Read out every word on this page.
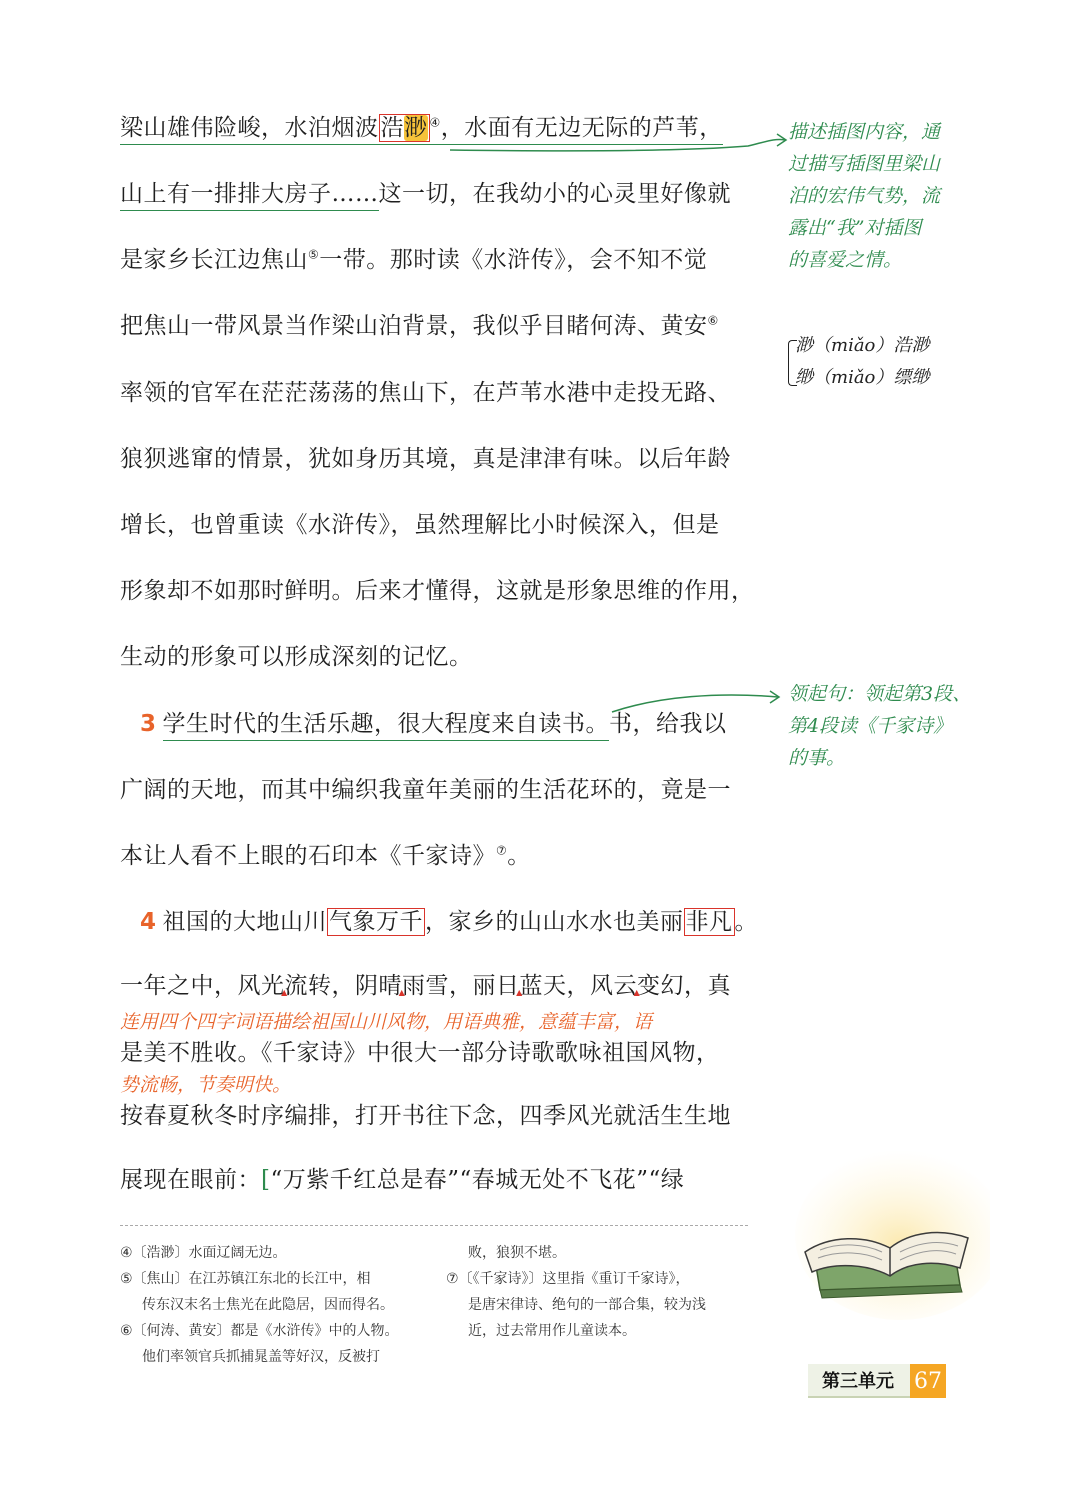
梁山雄伟险峻，水泊烟波浩渺 ④，水面有无边无际的芦苇，
山上有一排排大房子……这一切，在我幼小的心灵里好像就
是家乡长江边焦山⑤一带。那时读《水浒传》，会不知不觉
把焦山一带风景当作梁山泊背景，我似乎目睹何涛、黄安⑥
率领的官军在茫茫荡荡的焦山下，在芦苇水港中走投无路、
狼狈逃窜的情景，犹如身历其境，真是津津有味。以后年龄
增长，也曾重读《水浒传》，虽然理解比小时候深入，但是
形象却不如那时鲜明。后来才懂得，这就是形象思维的作用，
生动的形象可以形成深刻的记忆。
3 学生时代的生活乐趣，很大程度来自读书。书，给我以
广阔的天地，而其中编织我童年美丽的生活花环的，竟是一
本让人看不上眼的石印本《千家诗》⑦。
4 祖国的大地山川气象万千，家乡的山山水水也美丽非凡。
一年之中，风光流转 ▲，阴晴雨雪 ▲，丽日蓝天 ▲，风云变幻 ▲，真
是美不胜收。《千家诗》中很大一部分诗歌歌咏祖国风物，
按春夏秋冬时序编排，打开书往下念，四季风光就活生生地
展现在眼前：[“万紫千红总是春”“春城无处不飞花”“绿
连用四个四字词语描绘祖国山川风物，用语典雅，意蕴丰富，语
势流畅，节奏明快。
描述插图内容，通
过描写插图里梁山
泊的宏伟气势，流
露出“我”对插图
的喜爱之情。
渺（miǎo）浩渺
缈（miǎo）缥缈
领起句：领起第3段、
第4段读《千家诗》
的事。
④〔浩渺〕水面辽阔无边。
⑤〔焦山〕在江苏镇江东北的长江中，相
传东汉末名士焦光在此隐居，因而得名。
⑥〔何涛、黄安〕都是《水浒传》中的人物。
他们率领官兵抓捕晁盖等好汉，反被打
败，狼狈不堪。
⑦〔《千家诗》〕这里指《重订千家诗》，
是唐宋律诗、绝句的一部合集，较为浅
近，过去常用作儿童读本。
第三单元 67
